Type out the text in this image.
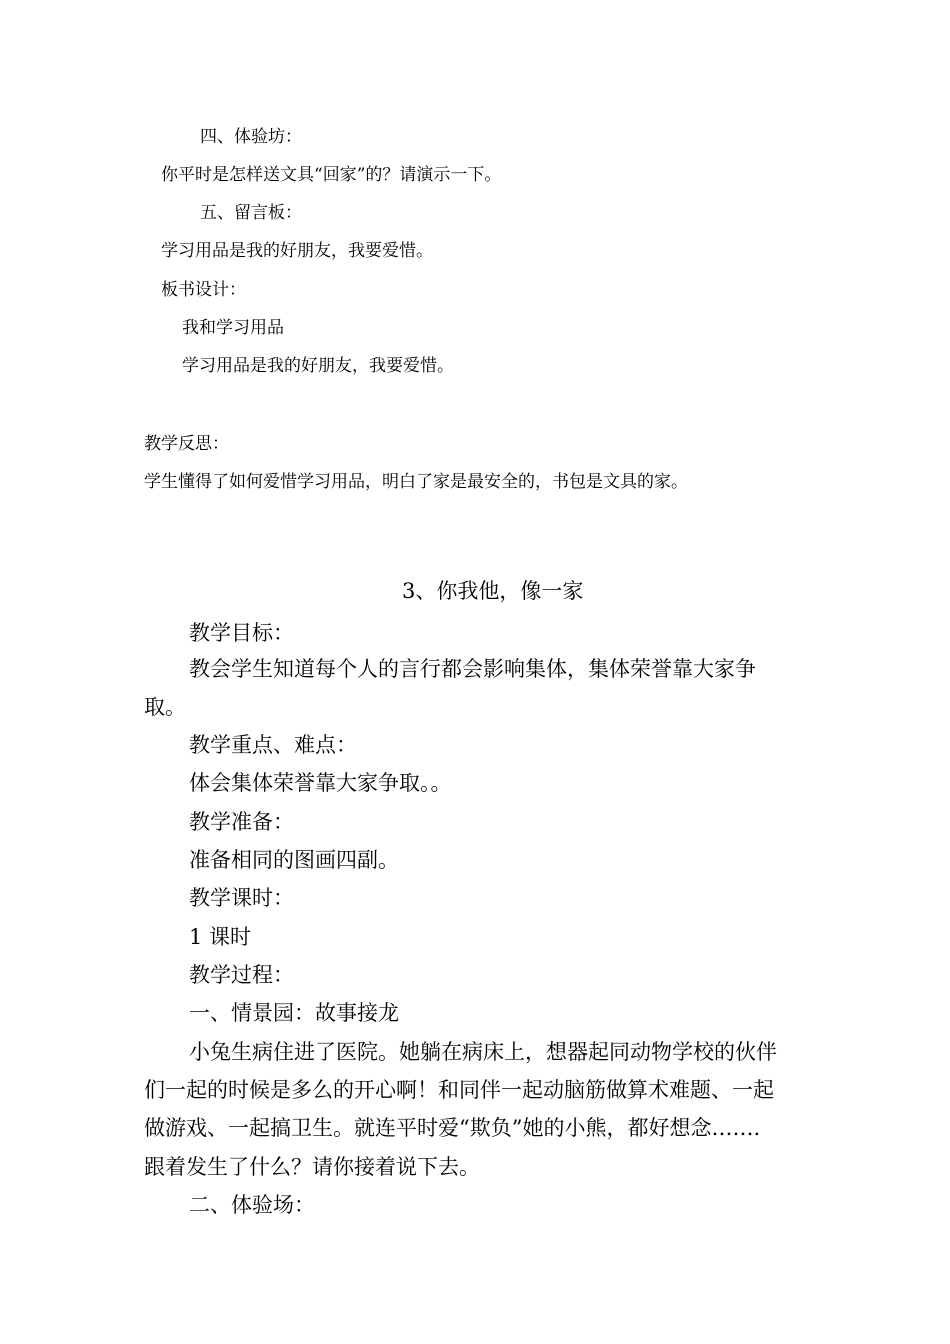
四、体验坊：
你平时是怎样送文具“回家”的？请演示一下。
五、留言板：
学习用品是我的好朋友，我要爱惜。
板书设计：
我和学习用品
学习用品是我的好朋友，我要爱惜。
教学反思：
学生懂得了如何爱惜学习用品，明白了家是最安全的，书包是文具的家。
3、你我他，像一家
教学目标：
教会学生知道每个人的言行都会影响集体，集体荣誉靠大家争
取。
教学重点、难点：
体会集体荣誉靠大家争取。。
教学准备：
准备相同的图画四副。
教学课时：
1 课时
教学过程：
一、情景园：故事接龙
小兔生病住进了医院。她躺在病床上，想器起同动物学校的伙伴
们一起的时候是多么的开心啊！和同伴一起动脑筋做算术难题、一起
做游戏、一起搞卫生。就连平时爱“欺负”她的小熊，都好想念…….
跟着发生了什么？请你接着说下去。
二、体验场：
